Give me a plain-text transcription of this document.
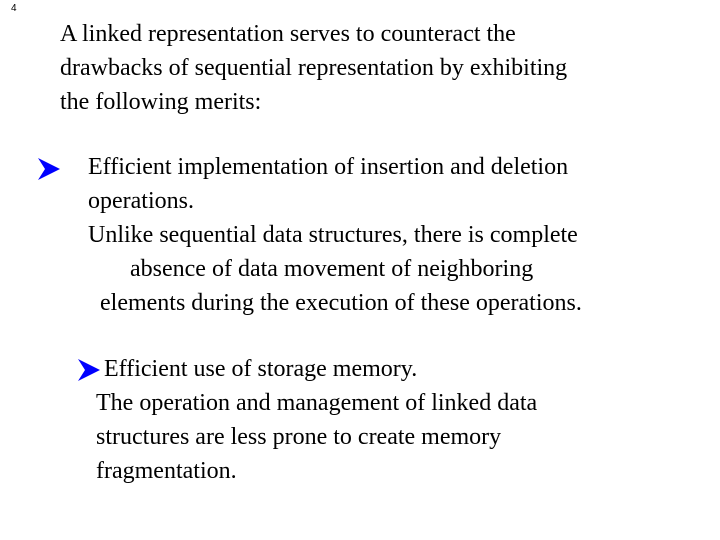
4
A linked representation serves to counteract the
drawbacks of sequential representation by exhibiting
the following merits:
Efficient implementation of insertion and deletion
operations.
Unlike sequential data structures, there is complete
absence of data movement of neighboring
elements during the execution of these operations.
Efficient use of storage memory.
The operation and management of linked data
structures are less prone to create memory
fragmentation.
